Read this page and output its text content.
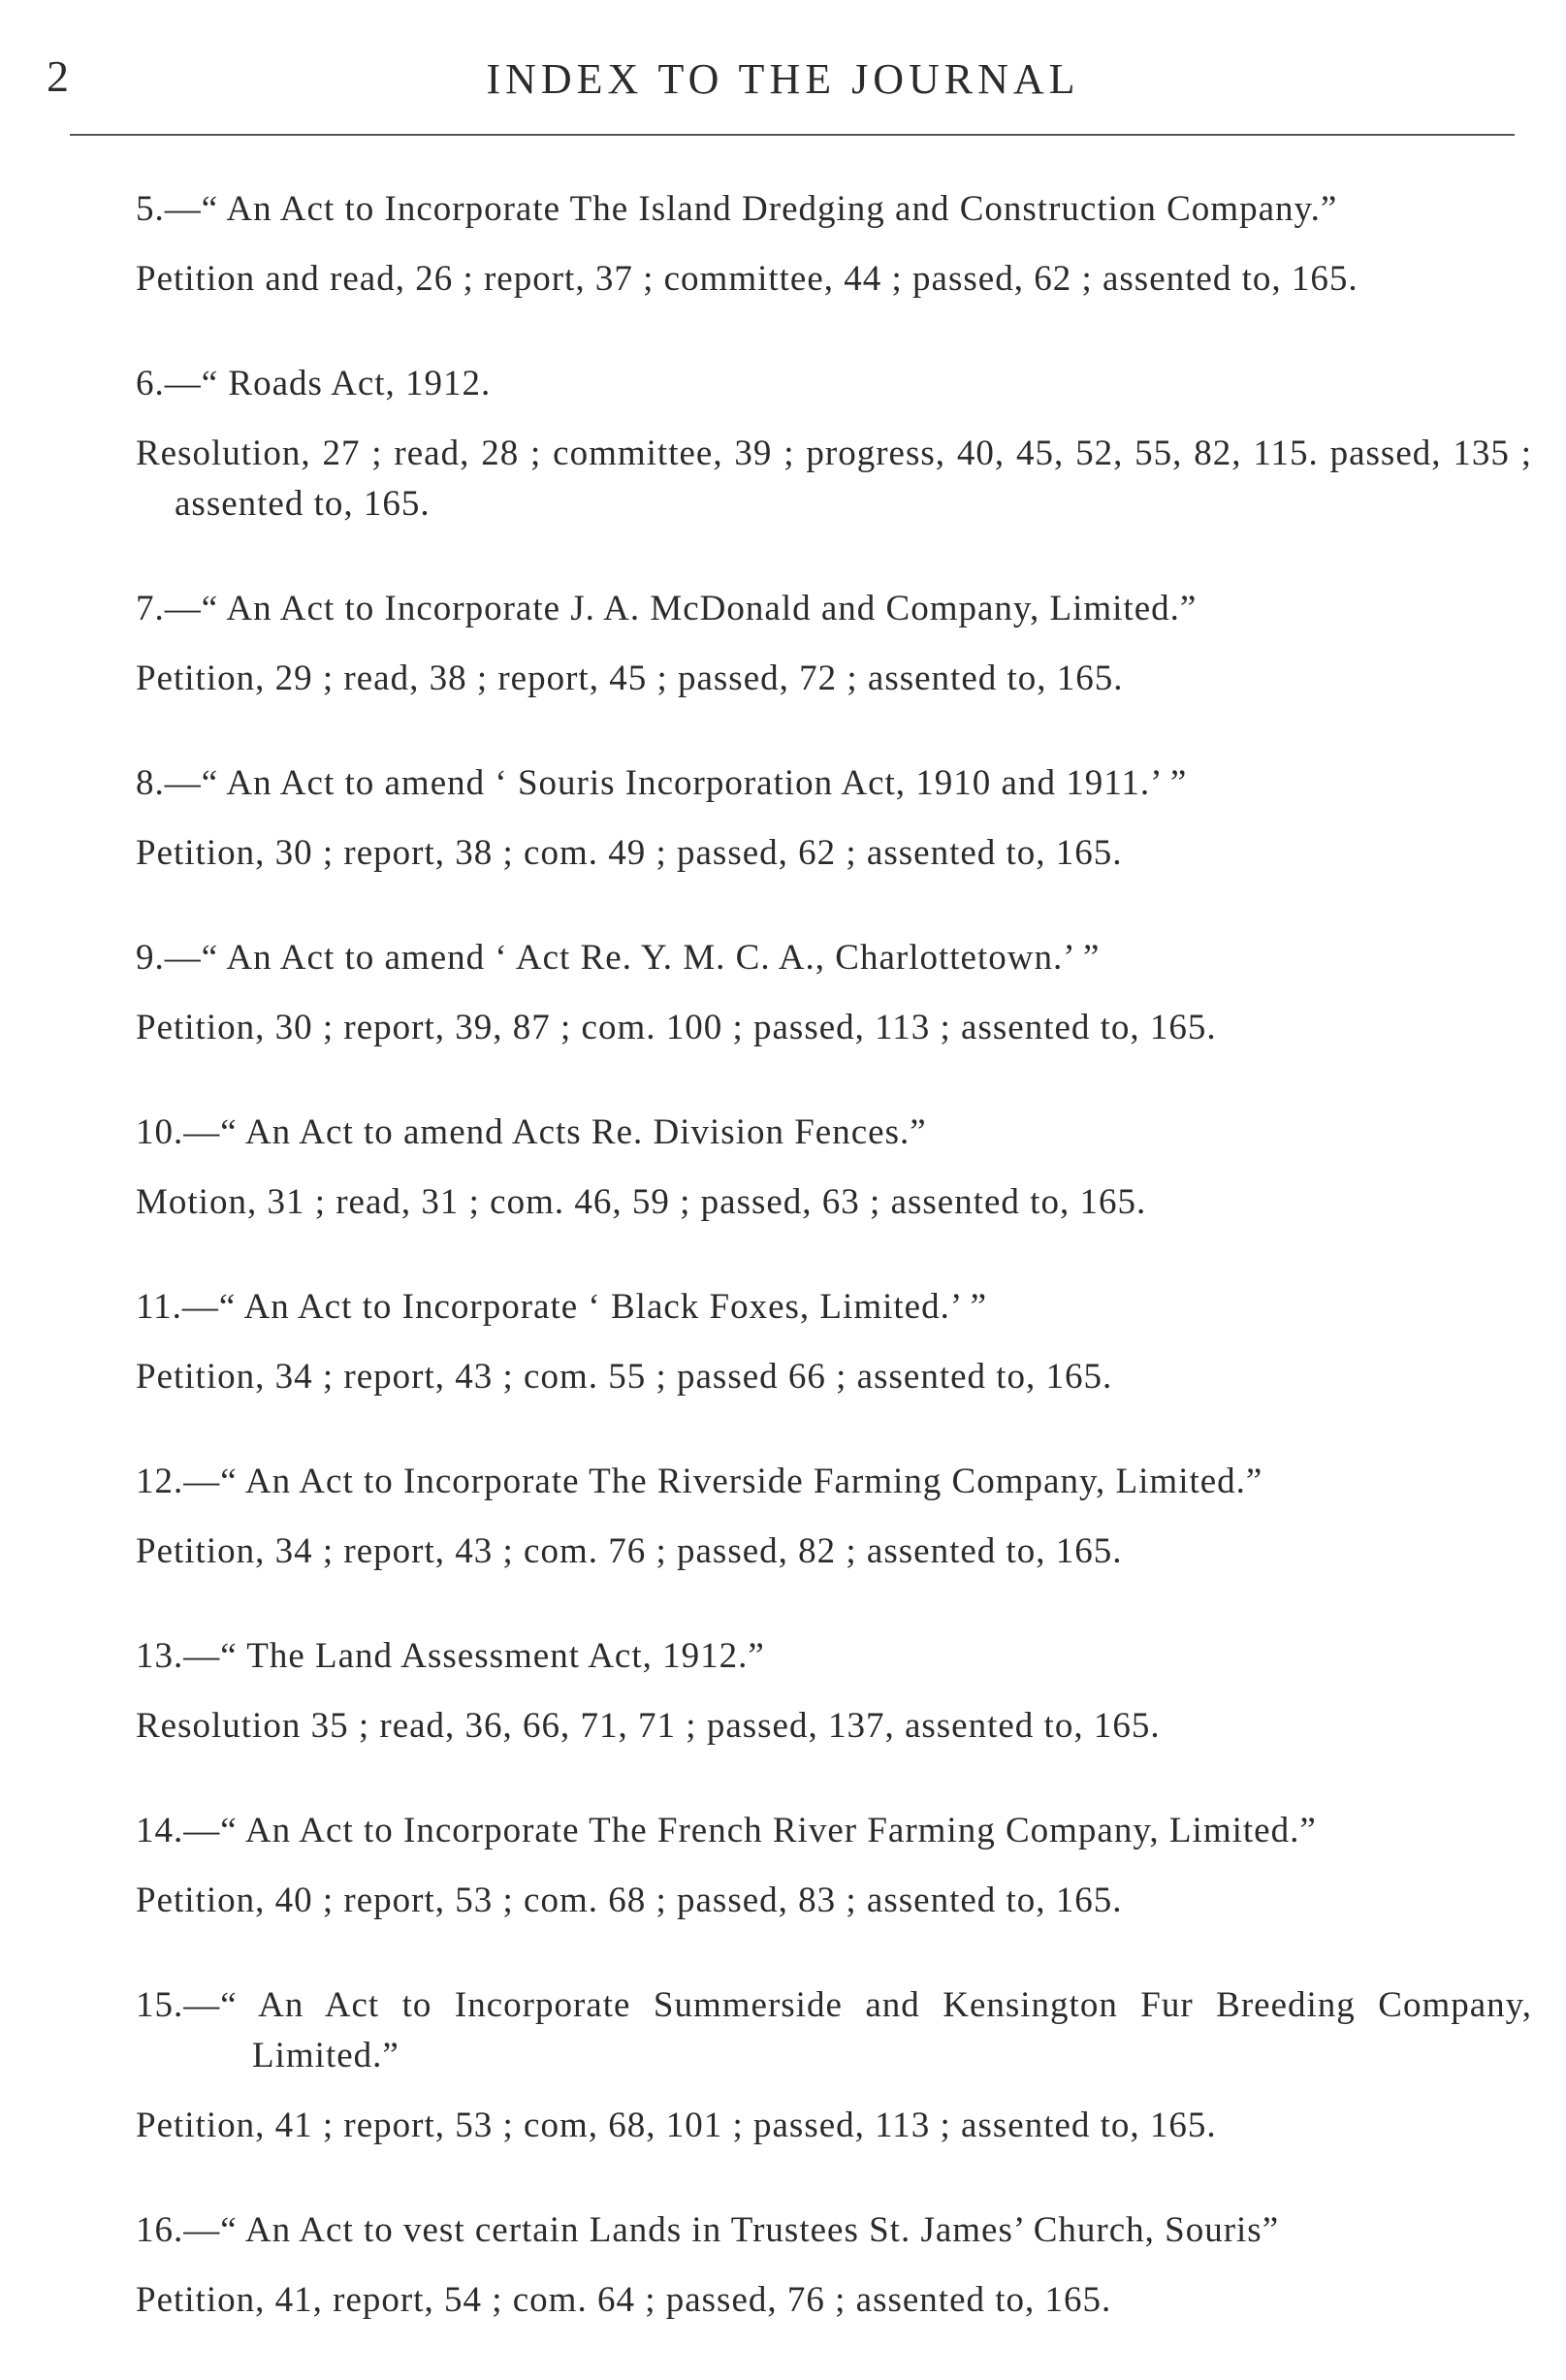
2	INDEX TO THE JOURNAL
5.—“ An Act to Incorporate The Island Dredging and Construction Company.”
Petition and read, 26 ; report, 37 ; committee, 44 ; passed, 62 ; assented to, 165.
6.—“ Roads Act, 1912.
Resolution, 27 ; read, 28 ; committee, 39 ; progress, 40, 45, 52, 55, 82, 115. passed, 135 ; assented to, 165.
7.—“ An Act to Incorporate J. A. McDonald and Company, Limited.”
Petition, 29 ; read, 38 ; report, 45 ; passed, 72 ; assented to, 165.
8.—“ An Act to amend ‘ Souris Incorporation Act, 1910 and 1911.’ ”
Petition, 30 ; report, 38 ; com. 49 ; passed, 62 ; assented to, 165.
9.—“ An Act to amend ‘ Act Re. Y. M. C. A., Charlottetown.’ ”
Petition, 30 ; report, 39, 87 ; com. 100 ; passed, 113 ; assented to, 165.
10.—“ An Act to amend Acts Re. Division Fences.”
Motion, 31 ; read, 31 ; com. 46, 59 ; passed, 63 ; assented to, 165.
11.—“ An Act to Incorporate ‘ Black Foxes, Limited.’ ”
Petition, 34 ; report, 43 ; com. 55 ; passed 66 ; assented to, 165.
12.—“ An Act to Incorporate The Riverside Farming Company, Limited.”
Petition, 34 ; report, 43 ; com. 76 ; passed, 82 ; assented to, 165.
13.—“ The Land Assessment Act, 1912.”
Resolution 35 ; read, 36, 66, 71, 71 ; passed, 137, assented to, 165.
14.—“ An Act to Incorporate The French River Farming Company, Limited.”
Petition, 40 ; report, 53 ; com. 68 ; passed, 83 ; assented to, 165.
15.—“ An Act to Incorporate Summerside and Kensington Fur Breeding Company, Limited.”
Petition, 41 ; report, 53 ; com, 68, 101 ; passed, 113 ; assented to, 165.
16.—“ An Act to vest certain Lands in Trustees St. James’ Church, Souris”
Petition, 41, report, 54 ; com. 64 ; passed, 76 ; assented to, 165.
